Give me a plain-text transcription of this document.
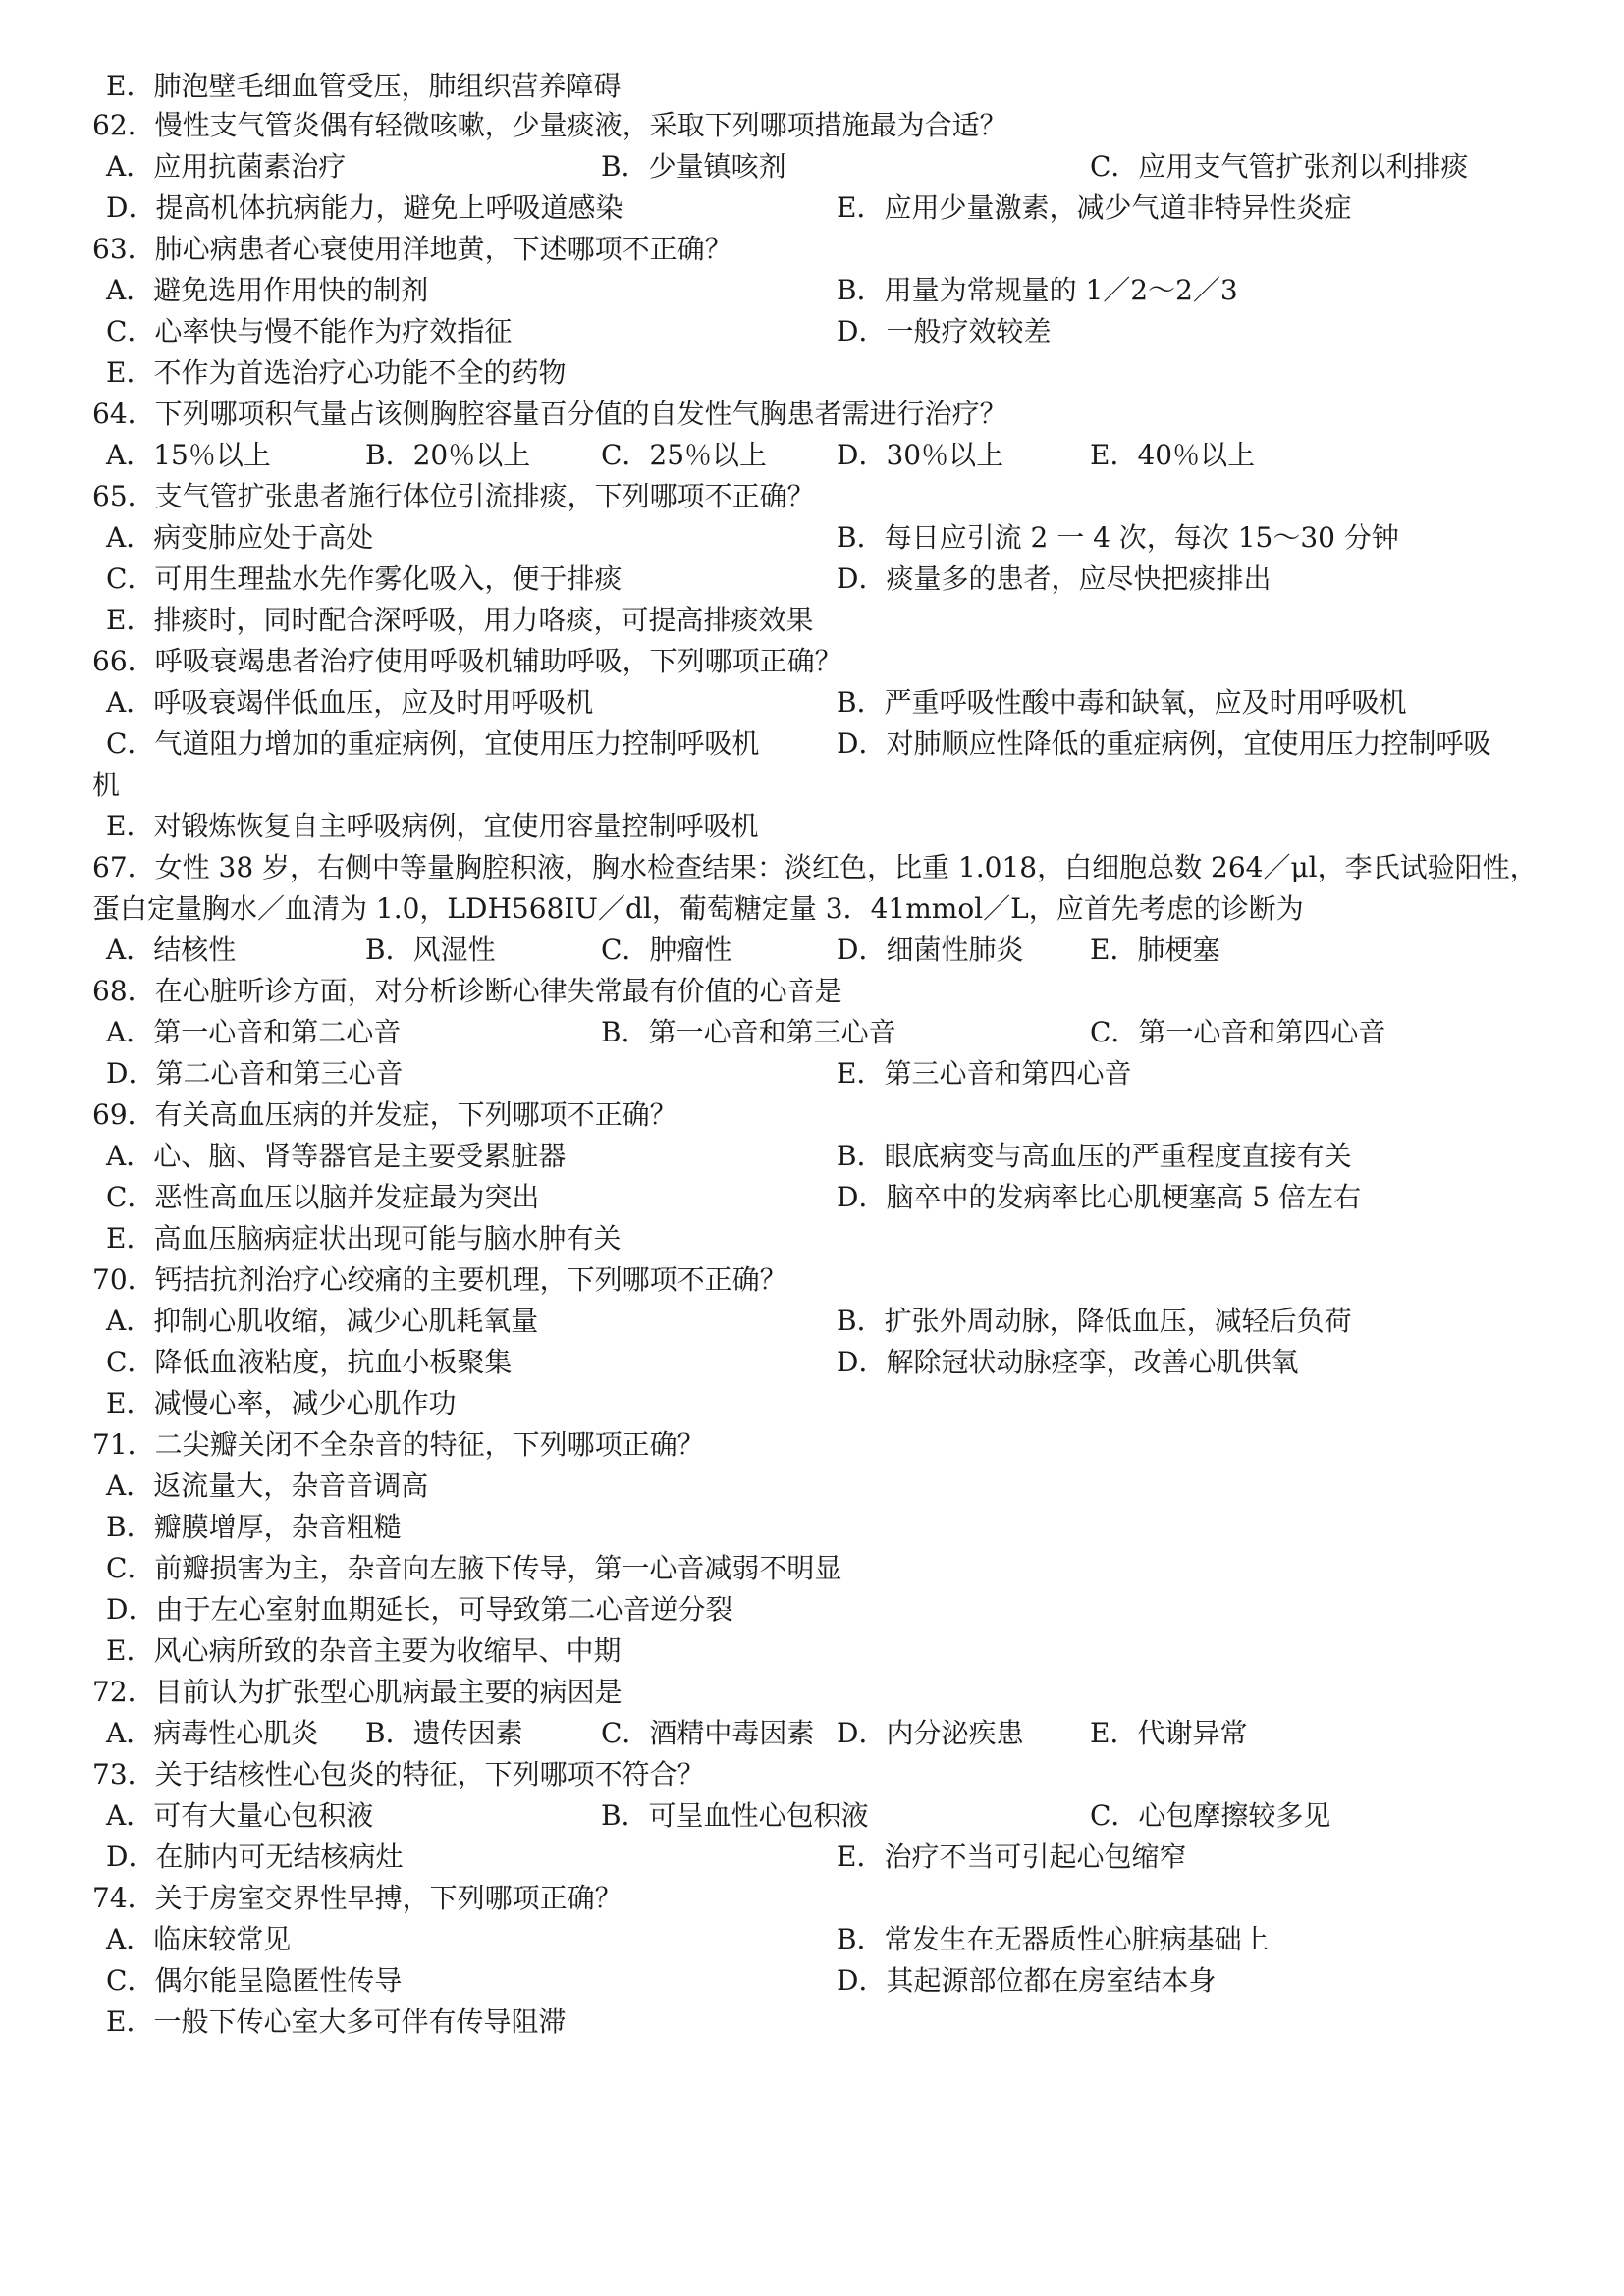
E．肺泡壁毛细血管受压，肺组织营养障碍
62．慢性支气管炎偶有轻微咳嗽，少量痰液，采取下列哪项措施最为合适？
A．应用抗菌素治疗	B．少量镇咳剂	C．应用支气管扩张剂以利排痰
D．提高机体抗病能力，避免上呼吸道感染	E．应用少量激素，减少气道非特异性炎症
63．肺心病患者心衰使用洋地黄，下述哪项不正确？
A．避免选用作用快的制剂	B．用量为常规量的 1／2～2／3
C．心率快与慢不能作为疗效指征	D．一般疗效较差
E．不作为首选治疗心功能不全的药物
64．下列哪项积气量占该侧胸腔容量百分值的自发性气胸患者需进行治疗？
A．15％以上	B．20％以上	C．25％以上	D．30％以上	E．40％以上
65．支气管扩张患者施行体位引流排痰，下列哪项不正确？
A．病变肺应处于高处	B．每日应引流 2 一 4 次，每次 15～30 分钟
C．可用生理盐水先作雾化吸入，便于排痰	D．痰量多的患者，应尽快把痰排出
E．排痰时，同时配合深呼吸，用力咯痰，可提高排痰效果
66．呼吸衰竭患者治疗使用呼吸机辅助呼吸，下列哪项正确？
A．呼吸衰竭伴低血压，应及时用呼吸机	B．严重呼吸性酸中毒和缺氧，应及时用呼吸机
C．气道阻力增加的重症病例，宜使用压力控制呼吸机	D．对肺顺应性降低的重症病例，宜使用压力控制呼吸
机
E．对锻炼恢复自主呼吸病例，宜使用容量控制呼吸机
67．女性 38 岁，右侧中等量胸腔积液，胸水检查结果：淡红色，比重 1.018，白细胞总数 264／μl，李氏试验阳性，
蛋白定量胸水／血清为 1.0，LDH568IU／dl，葡萄糖定量 3．41mmol／L，应首先考虑的诊断为
A．结核性	B．风湿性	C．肿瘤性	D．细菌性肺炎 E．肺梗塞
68．在心脏听诊方面，对分析诊断心律失常最有价值的心音是
A．第一心音和第二心音	B．第一心音和第三心音	C．第一心音和第四心音
D．第二心音和第三心音	E．第三心音和第四心音
69．有关高血压病的并发症，下列哪项不正确？
A．心、脑、肾等器官是主要受累脏器	B．眼底病变与高血压的严重程度直接有关
C．恶性高血压以脑并发症最为突出	D．脑卒中的发病率比心肌梗塞高 5 倍左右
E．高血压脑病症状出现可能与脑水肿有关
70．钙拮抗剂治疗心绞痛的主要机理，下列哪项不正确？
A．抑制心肌收缩，减少心肌耗氧量	B．扩张外周动脉，降低血压，减轻后负荷
C．降低血液粘度，抗血小板聚集	D．解除冠状动脉痉挛，改善心肌供氧
E．减慢心率，减少心肌作功
71．二尖瓣关闭不全杂音的特征，下列哪项正确？
A．返流量大，杂音音调高
B．瓣膜增厚，杂音粗糙
C．前瓣损害为主，杂音向左腋下传导，第一心音减弱不明显
D．由于左心室射血期延长，可导致第二心音逆分裂
E．风心病所致的杂音主要为收缩早、中期
72．目前认为扩张型心肌病最主要的病因是
A．病毒性心肌炎 B．遗传因素	C．酒精中毒因素 D．内分泌疾患 E．代谢异常
73．关于结核性心包炎的特征，下列哪项不符合？
A．可有大量心包积液	B．可呈血性心包积液	C．心包摩擦较多见
D．在肺内可无结核病灶	E．治疗不当可引起心包缩窄
74．关于房室交界性早搏，下列哪项正确？
A．临床较常见	B．常发生在无器质性心脏病基础上
C．偶尔能呈隐匿性传导	D．其起源部位都在房室结本身
E．一般下传心室大多可伴有传导阻滞
